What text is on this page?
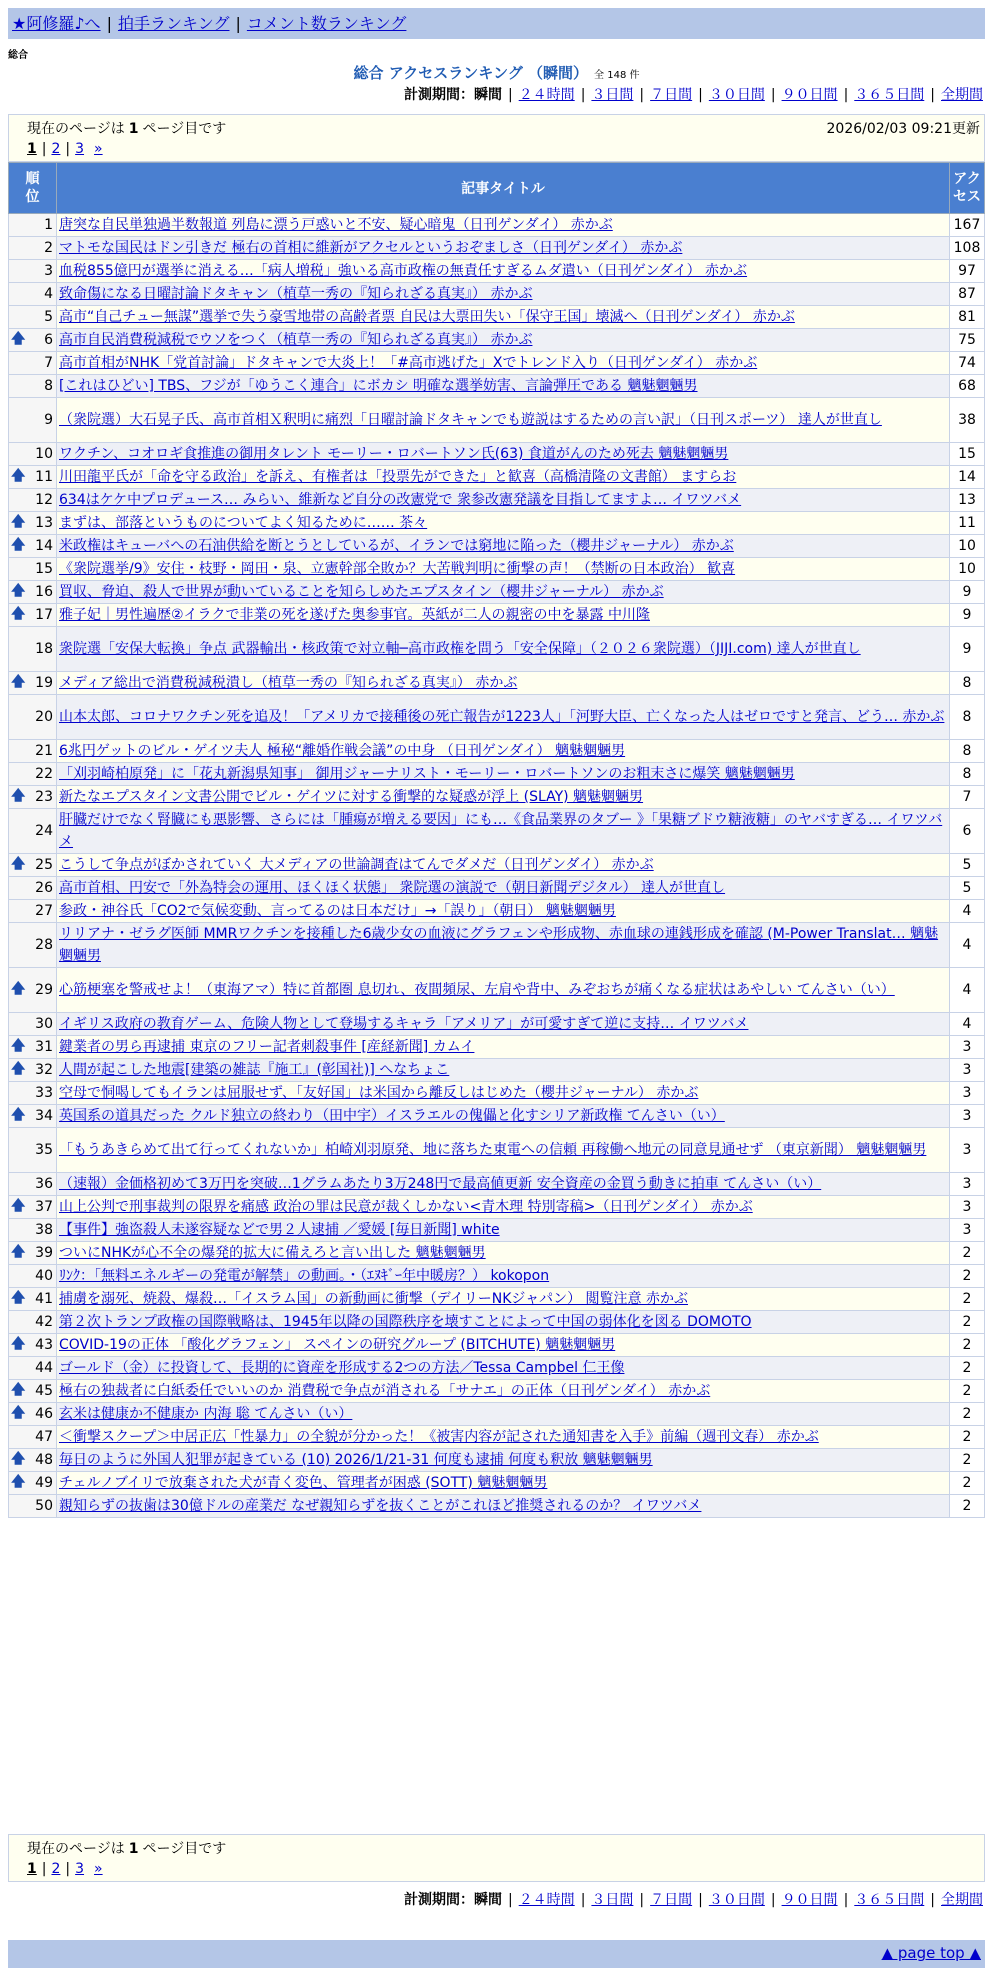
★阿修羅♪へ | 拍手ランキング | コメント数ランキング
総合
総合 アクセスランキング （瞬間） 全 148 件
計測期間：瞬間 | ２４時間 | ３日間 | ７日間 | ３０日間 | ９０日間 | ３６５日間 | 全期間
現在のページは 1 ページ目です	2026/02/03 09:21更新
1 | 2 | 3 »
順位	記事タイトル	アクセス
1	唐突な自民単独過半数報道 列島に漂う戸惑いと不安、疑心暗鬼（日刊ゲンダイ） 赤かぶ	167
2	マトモな国民はドン引きだ 極右の首相に維新がアクセルというおぞましさ（日刊ゲンダイ） 赤かぶ	108
3	血税855億円が選挙に消える…「病人増税」強いる高市政権の無責任すぎるムダ遣い（日刊ゲンダイ） 赤かぶ	97
4	致命傷になる日曜討論ドタキャン（植草一秀の『知られざる真実』） 赤かぶ	87
5	高市“自己チュー無謀”選挙で失う豪雪地帯の高齢者票 自民は大票田失い「保守王国」壊滅へ（日刊ゲンダイ） 赤かぶ	81

🡅 6	高市自民消費税減税でウソをつく（植草一秀の『知られざる真実』） 赤かぶ	75
7	高市首相がNHK「党首討論」ドタキャンで大炎上！「#高市逃げた」Xでトレンド入り（日刊ゲンダイ） 赤かぶ	74
8	[これはひどい] TBS、フジが「ゆうこく連合」にボカシ 明確な選挙妨害、言論弾圧である 魑魅魍魎男	68
9	（衆院選）大石晃子氏、高市首相Ｘ釈明に痛烈「日曜討論ドタキャンでも遊説はするための言い訳」（日刊スポーツ） 達人が世直し	38
10	ワクチン、コオロギ食推進の御用タレント モーリー・ロバートソン氏(63) 食道がんのため死去 魑魅魍魎男	15

🡅 11	川田龍平氏が「命を守る政治」を訴え、有権者は「投票先ができた」と歓喜（高橋清隆の文書館） ますらお	14
12	634はケケ中プロデュース… みらい、維新など自分の改憲党で 衆参改憲発議を目指してますよ… イワツバメ	13

🡅 13	まずは、部落というものについてよく知るために…… 茶々	11

🡅 14	米政権はキューバへの石油供給を断とうとしているが、イランでは窮地に陥った（櫻井ジャーナル） 赤かぶ	10
15	《衆院選挙/9》安住・枝野・岡田・泉、立憲幹部全敗か？大苦戦判明に衝撃の声！（禁断の日本政治） 歓喜	10

🡅 16	買収、脅迫、殺人で世界が動いていることを知らしめたエプスタイン（櫻井ジャーナル） 赤かぶ	9

🡅 17	雅子妃｜男性遍歴②イラクで非業の死を遂げた奥参事官。英紙が二人の親密の中を暴露 中川隆	9
18	衆院選「安保大転換」争点 武器輸出・核政策で対立軸─高市政権を問う「安全保障」（２０２６衆院選）（JIJI.com) 達人が世直し	9

🡅 19	メディア総出で消費税減税潰し（植草一秀の『知られざる真実』） 赤かぶ	8
20	山本太郎、コロナワクチン死を追及！「アメリカで接種後の死亡報告が1223人」「河野大臣、亡くなった人はゼロですと発言、どう… 赤かぶ	8
21	6兆円ゲットのビル・ゲイツ夫人 極秘“離婚作戦会議”の中身 （日刊ゲンダイ） 魑魅魍魎男	8
22	「刈羽崎柏原発」に「花丸新潟県知事」 御用ジャーナリスト・モーリー・ロバートソンのお粗末さに爆笑 魑魅魍魎男	8

🡅 23	新たなエプスタイン文書公開でビル・ゲイツに対する衝撃的な疑惑が浮上 (SLAY) 魑魅魍魎男	7
24	肝臓だけでなく腎臓にも悪影響、さらには「腫瘍が増える要因」にも…《食品業界のタブー 》「果糖ブドウ糖液糖」のヤバすぎる… イワツバメ	6

🡅 25	こうして争点がぼかされていく 大メディアの世論調査はてんでダメだ（日刊ゲンダイ） 赤かぶ	5
26	高市首相、円安で「外為特会の運用、ほくほく状態」 衆院選の演説で（朝日新聞デジタル） 達人が世直し	5
27	参政・神谷氏「CO2で気候変動、言ってるのは日本だけ」→「誤り」（朝日） 魑魅魍魎男	4
28	リリアナ・ゼラグ医師 MMRワクチンを接種した6歳少女の血液にグラフェンや形成物、赤血球の連銭形成を確認 (M-Power Translat… 魑魅魍魎男	4

🡅 29	心筋梗塞を警戒せよ！（東海アマ）特に首都圏 息切れ、夜間頻尿、左肩や背中、みぞおちが痛くなる症状はあやしい てんさい（い）	4
30	イギリス政府の教育ゲーム、危険人物として登場するキャラ「アメリア」が可愛すぎて逆に支持… イワツバメ	4

🡅 31	鍵業者の男ら再逮捕 東京のフリー記者刺殺事件 [産経新聞] カムイ	3

🡅 32	人間が起こした地震[建築の雑誌『施工』(彰国社)] へなちょこ	3
33	空母で恫喝してもイランは屈服せず、「友好国」は米国から離反しはじめた（櫻井ジャーナル） 赤かぶ	3

🡅 34	英国系の道具だった クルド独立の終わり（田中宇）イスラエルの傀儡と化すシリア新政権 てんさい（い）	3
35	「もうあきらめて出て行ってくれないか」柏崎刈羽原発、地に落ちた東電への信頼 再稼働へ地元の同意見通せず （東京新聞） 魑魅魍魎男	3
36	（速報）金価格初めて3万円を突破…1グラムあたり3万248円で最高値更新 安全資産の金買う動きに拍車 てんさい（い）	3

🡅 37	山上公判で刑事裁判の限界を痛感 政治の罪は民意が裁くしかない<青木理 特別寄稿>（日刊ゲンダイ） 赤かぶ	3
38	【事件】強盗殺人未遂容疑などで男２人逮捕 ／愛媛 [毎日新聞] white	3

🡅 39	ついにNHKが心不全の爆発的拡大に備えろと言い出した 魑魅魍魎男	2
40	ﾘﾝｸ：「無料エネルギーの発電が解禁」の動画。・（ｴﾇｷﾞｰ年中暖房？） kokopon	2

🡅 41	捕虜を溺死、焼殺、爆殺…「イスラム国」の新動画に衝撃（デイリーNKジャパン） 閲覧注意 赤かぶ	2
42	第２次トランプ政権の国際戦略は、1945年以降の国際秩序を壊すことによって中国の弱体化を図る DOMOTO	2

🡅 43	COVID-19の正体 「酸化グラフェン」 スペインの研究グループ (BITCHUTE) 魑魅魍魎男	2
44	ゴールド（金）に投資して、長期的に資産を形成する2つの方法／Tessa Campbel 仁王像	2

🡅 45	極右の独裁者に白紙委任でいいのか 消費税で争点が消される「サナエ」の正体（日刊ゲンダイ） 赤かぶ	2

🡅 46	玄米は健康か不健康か 内海 聡 てんさい（い）	2
47	＜衝撃スクープ＞中居正広「性暴力」の全貌が分かった！《被害内容が記された通知書を入手》前編（週刊文春） 赤かぶ	2

🡅 48	毎日のように外国人犯罪が起きている (10) 2026/1/21-31 何度も逮捕 何度も釈放 魑魅魍魎男	2

🡅 49	チェルノブイリで放棄された犬が青く変色、管理者が困惑 (SOTT) 魑魅魍魎男	2
50	親知らずの抜歯は30億ドルの産業だ なぜ親知らずを抜くことがこれほど推奨されるのか？ イワツバメ	2
現在のページは 1 ページ目です
1 | 2 | 3 »
計測期間：瞬間 | ２４時間 | ３日間 | ７日間 | ３０日間 | ９０日間 | ３６５日間 | 全期間
▲ page top ▲
